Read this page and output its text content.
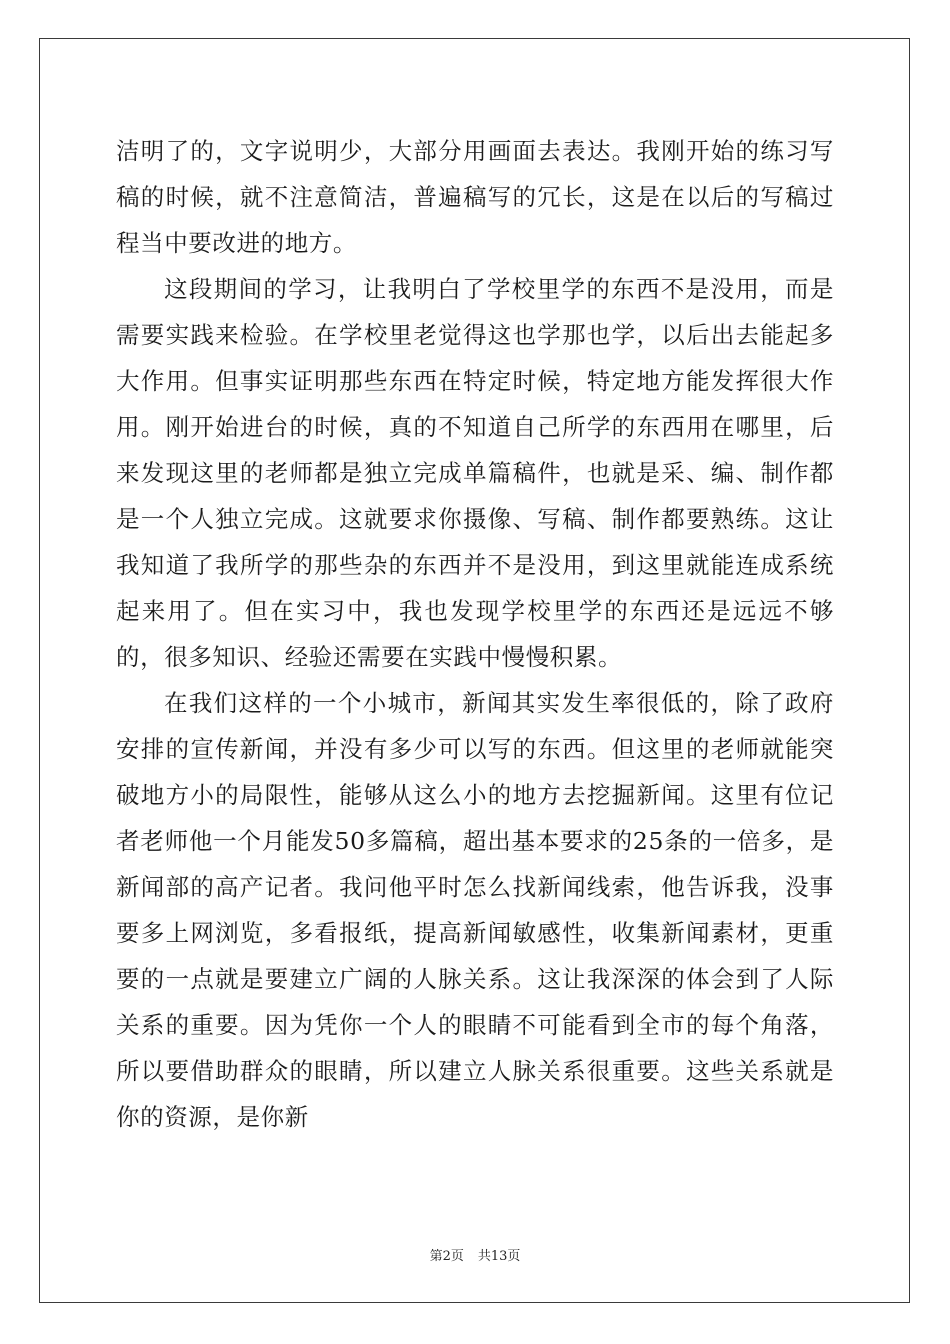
洁明了的，文字说明少，大部分用画面去表达。我刚开始的练习写稿的时候，就不注意简洁，普遍稿写的冗长，这是在以后的写稿过程当中要改进的地方。

这段期间的学习，让我明白了学校里学的东西不是没用，而是需要实践来检验。在学校里老觉得这也学那也学，以后出去能起多大作用。但事实证明那些东西在特定时候，特定地方能发挥很大作用。刚开始进台的时候，真的不知道自己所学的东西用在哪里，后来发现这里的老师都是独立完成单篇稿件，也就是采、编、制作都是一个人独立完成。这就要求你摄像、写稿、制作都要熟练。这让我知道了我所学的那些杂的东西并不是没用，到这里就能连成系统起来用了。但在实习中，我也发现学校里学的东西还是远远不够的，很多知识、经验还需要在实践中慢慢积累。

在我们这样的一个小城市，新闻其实发生率很低的，除了政府安排的宣传新闻，并没有多少可以写的东西。但这里的老师就能突破地方小的局限性，能够从这么小的地方去挖掘新闻。这里有位记者老师他一个月能发50多篇稿，超出基本要求的25条的一倍多，是新闻部的高产记者。我问他平时怎么找新闻线索，他告诉我，没事要多上网浏览，多看报纸，提高新闻敏感性，收集新闻素材，更重要的一点就是要建立广阔的人脉关系。这让我深深的体会到了人际关系的重要。因为凭你一个人的眼睛不可能看到全市的每个角落，所以要借助群众的眼睛，所以建立人脉关系很重要。这些关系就是你的资源，是你新

第2页 共13页
